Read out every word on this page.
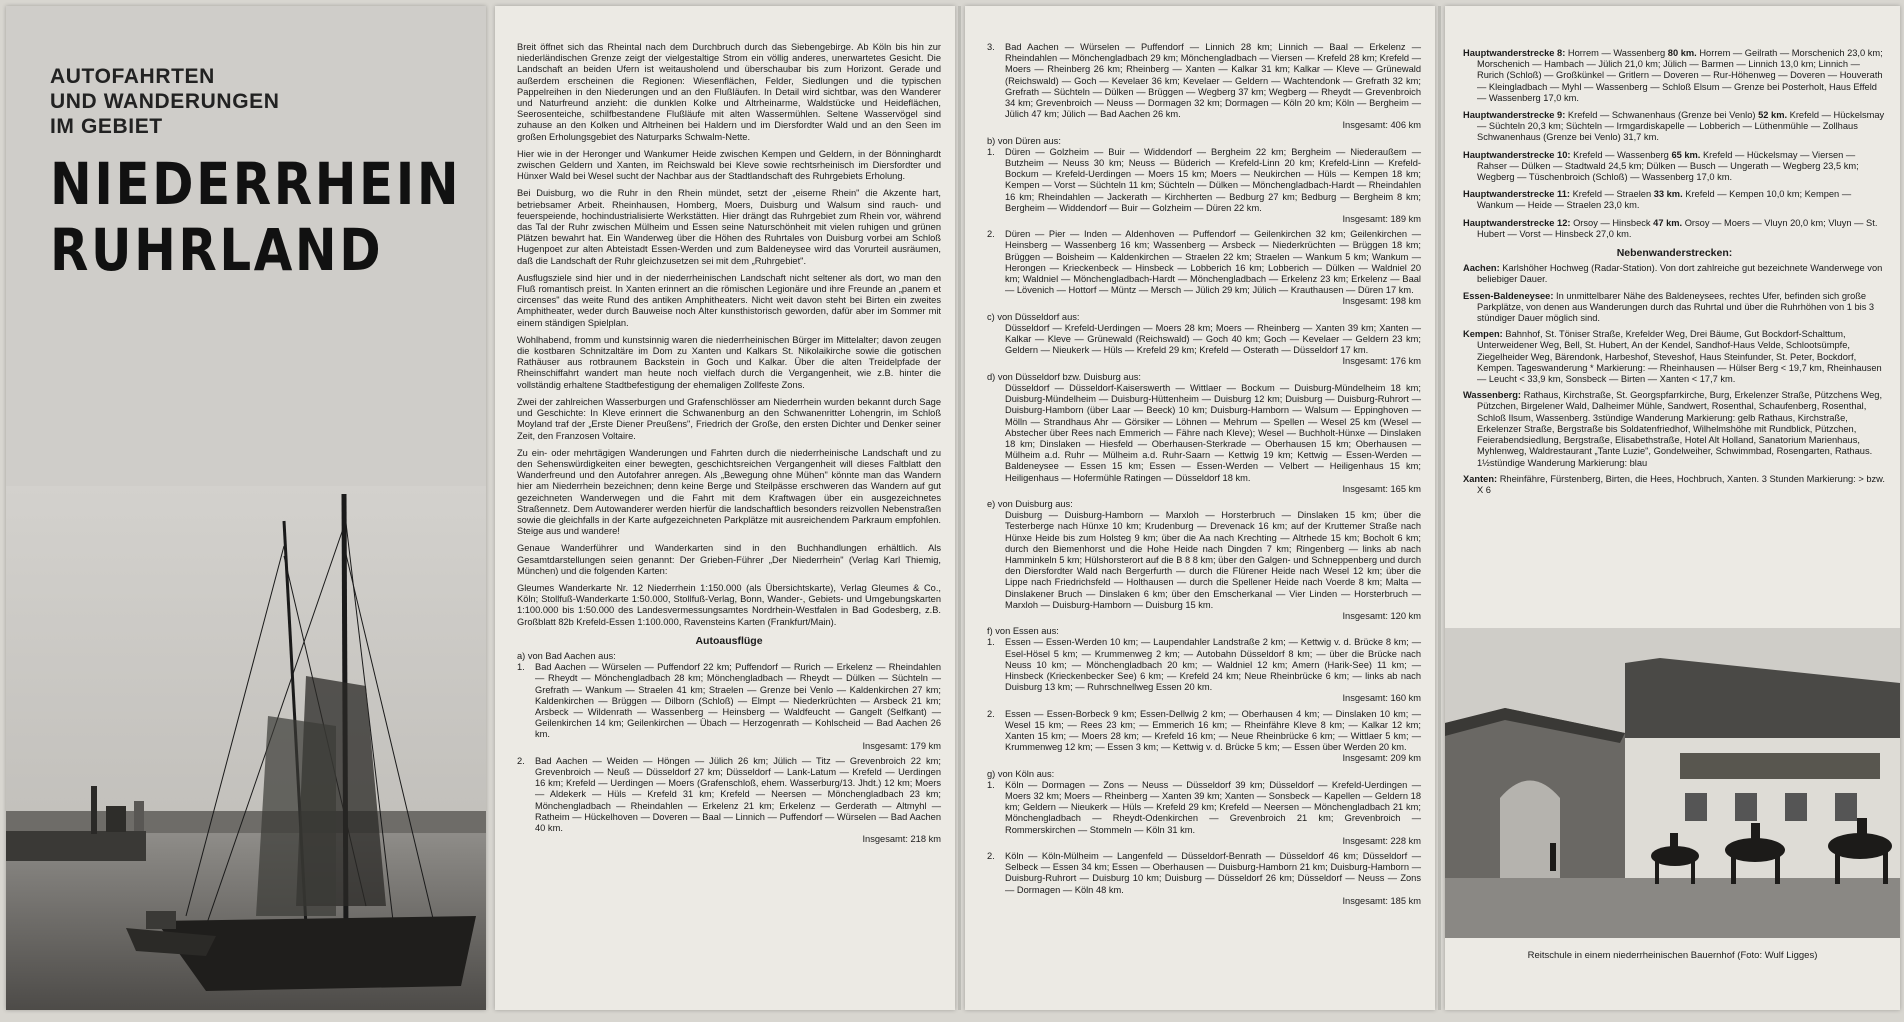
AUTOFAHRTEN
UND WANDERUNGEN
IM GEBIET
NIEDERRHEIN
RUHRLAND

Breit öffnet sich das Rheintal nach dem Durchbruch durch das Siebengebirge. Ab Köln bis hin zur niederländischen Grenze zeigt der vielgestaltige Strom ein völlig anderes, unerwartetes Gesicht. Die Landschaft an beiden Ufern ist weitausholend und überschaubar bis zum Horizont. Gerade und außerdem erscheinen die Regionen: Wiesenflächen, Felder, Siedlungen und die typischen Pappelreihen in den Niederungen und an den Flußläufen. In Detail wird sichtbar, was den Wanderer und Naturfreund anzieht: die dunklen Kolke und Altrheinarme, Waldstücke und Heideflächen, Seerosenteiche, schilfbestandene Flußläufe mit alten Wassermühlen. Seltene Wasservögel sind zuhause an den Kolken und Altrheinen bei Haldern und im Diersfordter Wald und an den Seen im großen Erholungsgebiet des Naturparks Schwalm-Nette.

Hier wie in der Heronger und Wankumer Heide zwischen Kempen und Geldern, in der Bönninghardt zwischen Geldern und Xanten, im Reichswald bei Kleve sowie rechtsrheinisch im Diersfordter und Hünxer Wald bei Wesel sucht der Nachbar aus der Stadtlandschaft des Ruhrgebiets Erholung.

Bei Duisburg, wo die Ruhr in den Rhein mündet, setzt der „eiserne Rhein" die Akzente hart, betriebsamer Arbeit. Rheinhausen, Homberg, Moers, Duisburg und Walsum sind rauch- und feuerspeiende, hochindustrialisierte Werkstätten. Hier drängt das Ruhrgebiet zum Rhein vor, während das Tal der Ruhr zwischen Mülheim und Essen seine Naturschönheit mit vielen ruhigen und grünen Plätzen bewahrt hat. Ein Wanderweg über die Höhen des Ruhrtales von Duisburg vorbei am Schloß Hugenpoet zur alten Abteistadt Essen-Werden und zum Baldeneysee wird das Vorurteil ausräumen, daß die Landschaft der Ruhr gleichzusetzen sei mit dem „Ruhrgebiet".

Ausflugsziele sind hier und in der niederrheinischen Landschaft nicht seltener als dort, wo man den Fluß romantisch preist. In Xanten erinnert an die römischen Legionäre und ihre Freunde an „panem et circenses" das weite Rund des antiken Amphitheaters. Nicht weit davon steht bei Birten ein zweites Amphitheater, weder durch Bauweise noch Alter kunsthistorisch geworden, dafür aber im Sommer mit einem ständigen Spielplan.

Wohlhabend, fromm und kunstsinnig waren die niederrheinischen Bürger im Mittelalter; davon zeugen die kostbaren Schnitzaltäre im Dom zu Xanten und Kalkars St. Nikolaikirche sowie die gotischen Rathäuser aus rotbraunem Backstein in Goch und Kalkar. Über die alten Treidelpfade der Rheinschiffahrt wandert man heute noch vielfach durch die Vergangenheit, wie z.B. hinter die vollständig erhaltene Stadtbefestigung der ehemaligen Zollfeste Zons.

Zwei der zahlreichen Wasserburgen und Grafenschlösser am Niederrhein wurden bekannt durch Sage und Geschichte: In Kleve erinnert die Schwanenburg an den Schwanenritter Lohengrin, im Schloß Moyland traf der „Erste Diener Preußens", Friedrich der Große, den ersten Dichter und Denker seiner Zeit, den Franzosen Voltaire.

Zu ein- oder mehrtägigen Wanderungen und Fahrten durch die niederrheinische Landschaft und zu den Sehenswürdigkeiten einer bewegten, geschichtsreichen Vergangenheit will dieses Faltblatt den Wanderfreund und den Autofahrer anregen. Als „Bewegung ohne Mühen" könnte man das Wandern hier am Niederrhein bezeichnen; denn keine Berge und Steilpässe erschweren das Wandern auf gut gezeichneten Wanderwegen und die Fahrt mit dem Kraftwagen über ein ausgezeichnetes Straßennetz. Dem Autowanderer werden hierfür die landschaftlich besonders reizvollen Nebenstraßen sowie die gleichfalls in der Karte aufgezeichneten Parkplätze mit ausreichendem Parkraum empfohlen. Steige aus und wandere!

Genaue Wanderführer und Wanderkarten sind in den Buchhandlungen erhältlich. Als Gesamtdarstellungen seien genannt: Der Grieben-Führer „Der Niederrhein" (Verlag Karl Thiemig, München) und die folgenden Karten:

Gleumes Wanderkarte Nr. 12 Niederrhein 1:150.000 (als Übersichtskarte), Verlag Gleumes & Co., Köln; Stollfuß-Wanderkarte 1:50.000, Stollfuß-Verlag, Bonn, Wander-, Gebiets- und Umgebungskarten 1:100.000 bis 1:50.000 des Landesvermessungsamtes Nordrhein-Westfalen in Bad Godesberg, z.B. Großblatt 82b Krefeld-Essen 1:100.000, Ravensteins Karten (Frankfurt/Main).

Autoausflüge
a) von Bad Aachen aus:
1.	Bad Aachen — Würselen — Puffendorf 22 km; Puffendorf — Rurich — Erkelenz — Rheindahlen — Rheydt — Mönchengladbach 28 km; Mönchengladbach — Rheydt — Dülken — Süchteln — Grefrath — Wankum — Straelen 41 km; Straelen — Grenze bei Venlo — Kaldenkirchen 27 km; Kaldenkirchen — Brüggen — Dilborn (Schloß) — Elmpt — Niederkrüchten — Arsbeck 21 km; Arsbeck — Wildenrath — Wassenberg — Heinsberg — Waldfeucht — Gangelt (Selfkant) — Geilenkirchen 14 km; Geilenkirchen — Übach — Herzogenrath — Kohlscheid — Bad Aachen 26 km.
Insgesamt: 179 km
2.	Bad Aachen — Weiden — Höngen — Jülich 26 km; Jülich — Titz — Grevenbroich 22 km; Grevenbroich — Neuß — Düsseldorf 27 km; Düsseldorf — Lank-Latum — Krefeld — Uerdingen 16 km; Krefeld — Uerdingen — Moers (Grafenschloß, ehem. Wasserburg/13. Jhdt.) 12 km; Moers — Aldekerk — Hüls — Krefeld 31 km; Krefeld — Neersen — Mönchengladbach 23 km; Mönchengladbach — Rheindahlen — Erkelenz 21 km; Erkelenz — Gerderath — Altmyhl — Ratheim — Hückelhoven — Doveren — Baal — Linnich — Puffendorf — Würselen — Bad Aachen 40 km.
Insgesamt: 218 km
3.	Bad Aachen — Würselen — Puffendorf — Linnich 28 km; Linnich — Baal — Erkelenz — Rheindahlen — Mönchengladbach 29 km; Mönchengladbach — Viersen — Krefeld 28 km; Krefeld — Moers — Rheinberg 26 km; Rheinberg — Xanten — Kalkar 31 km; Kalkar — Kleve — Grünewald (Reichswald) — Goch — Kevelaer 36 km; Kevelaer — Geldern — Wachtendonk — Grefrath 32 km; Grefrath — Süchteln — Dülken — Brüggen — Wegberg 37 km; Wegberg — Rheydt — Grevenbroich 34 km; Grevenbroich — Neuss — Dormagen 32 km; Dormagen — Köln 20 km; Köln — Bergheim — Jülich 47 km; Jülich — Bad Aachen 26 km.
Insgesamt: 406 km
b) von Düren aus:
1.	Düren — Golzheim — Buir — Widdendorf — Bergheim 22 km; Bergheim — Niederaußem — Butzheim — Neuss 30 km; Neuss — Büderich — Krefeld-Linn 20 km; Krefeld-Linn — Krefeld-Bockum — Krefeld-Uerdingen — Moers 15 km; Moers — Neukirchen — Hüls — Kempen 18 km; Kempen — Vorst — Süchteln 11 km; Süchteln — Dülken — Mönchengladbach-Hardt — Rheindahlen 16 km; Rheindahlen — Jackerath — Kirchherten — Bedburg 27 km; Bedburg — Bergheim 8 km; Bergheim — Widdendorf — Buir — Golzheim — Düren 22 km.
Insgesamt: 189 km
2.	Düren — Pier — Inden — Aldenhoven — Puffendorf — Geilenkirchen 32 km; Geilenkirchen — Heinsberg — Wassenberg 16 km; Wassenberg — Arsbeck — Niederkrüchten — Brüggen 18 km; Brüggen — Boisheim — Kaldenkirchen — Straelen 22 km; Straelen — Wankum 5 km; Wankum — Herongen — Krieckenbeck — Hinsbeck — Lobberich 16 km; Lobberich — Dülken — Waldniel 20 km; Waldniel — Mönchengladbach-Hardt — Mönchengladbach — Erkelenz 23 km; Erkelenz — Baal — Lövenich — Hottorf — Müntz — Mersch — Jülich 29 km; Jülich — Krauthausen — Düren 17 km.
Insgesamt: 198 km
c) von Düsseldorf aus:
Düsseldorf — Krefeld-Uerdingen — Moers 28 km; Moers — Rheinberg — Xanten 39 km; Xanten — Kalkar — Kleve — Grünewald (Reichswald) — Goch 40 km; Goch — Kevelaer — Geldern 23 km; Geldern — Nieukerk — Hüls — Krefeld 29 km; Krefeld — Osterath — Düsseldorf 17 km.
Insgesamt: 176 km
d) von Düsseldorf bzw. Duisburg aus:
Düsseldorf — Düsseldorf-Kaiserswerth — Wittlaer — Bockum — Duisburg-Mündelheim 18 km; Duisburg-Mündelheim — Duisburg-Hüttenheim — Duisburg 12 km; Duisburg — Duisburg-Ruhrort — Duisburg-Hamborn (über Laar — Beeck) 10 km; Duisburg-Hamborn — Walsum — Eppinghoven — Mölln — Strandhaus Ahr — Görsiker — Löhnen — Mehrum — Spellen — Wesel 25 km (Wesel — Abstecher über Rees nach Emmerich — Fähre nach Kleve); Wesel — Buchholt-Hünxe — Dinslaken 18 km; Dinslaken — Hiesfeld — Oberhausen-Sterkrade — Oberhausen 15 km; Oberhausen — Mülheim a.d. Ruhr — Mülheim a.d. Ruhr-Saarn — Kettwig 19 km; Kettwig — Essen-Werden — Baldeneysee — Essen 15 km; Essen — Essen-Werden — Velbert — Heiligenhaus 15 km; Heiligenhaus — Hofermühle Ratingen — Düsseldorf 18 km.
Insgesamt: 165 km
e) von Duisburg aus:
Duisburg — Duisburg-Hamborn — Marxloh — Horsterbruch — Dinslaken 15 km; über die Testerberge nach Hünxe 10 km; Krudenburg — Drevenack 16 km; auf der Kruttemer Straße nach Hünxe Heide bis zum Holsteg 9 km; über die Aa nach Krechting — Altrhede 15 km; Bocholt 6 km; durch den Biemenhorst und die Hohe Heide nach Dingden 7 km; Ringenberg — links ab nach Hamminkeln 5 km; Hülshorsterort auf die B 8 8 km; über den Galgen- und Schneppenberg und durch den Diersfordter Wald nach Bergerfurth — durch die Flürener Heide nach Wesel 12 km; über die Lippe nach Friedrichsfeld — Holthausen — durch die Spellener Heide nach Voerde 8 km; Malta — Dinslakener Bruch — Dinslaken 6 km; über den Emscherkanal — Vier Linden — Horsterbruch — Marxloh — Duisburg-Hamborn — Duisburg 15 km.
Insgesamt: 120 km
f) von Essen aus:
1.	Essen — Essen-Werden 10 km; — Laupendahler Landstraße 2 km; — Kettwig v. d. Brücke 8 km; — Esel-Hösel 5 km; — Krummenweg 2 km; — Autobahn Düsseldorf 8 km; — über die Brücke nach Neuss 10 km; — Mönchengladbach 20 km; — Waldniel 12 km; Amern (Harik-See) 11 km; — Hinsbeck (Krieckenbecker See) 6 km; — Krefeld 24 km; Neue Rheinbrücke 6 km; — links ab nach Duisburg 13 km; — Ruhrschnellweg Essen 20 km.
Insgesamt: 160 km
2.	Essen — Essen-Borbeck 9 km; Essen-Dellwig 2 km; — Oberhausen 4 km; — Dinslaken 10 km; — Wesel 15 km; — Rees 23 km; — Emmerich 16 km; — Rheinfähre Kleve 8 km; — Kalkar 12 km; Xanten 15 km; — Moers 28 km; — Krefeld 16 km; — Neue Rheinbrücke 6 km; — Wittlaer 5 km; — Krummenweg 12 km; — Essen 3 km; — Kettwig v. d. Brücke 5 km; — Essen über Werden 20 km.
Insgesamt: 209 km
g) von Köln aus:
1.	Köln — Dormagen — Zons — Neuss — Düsseldorf 39 km; Düsseldorf — Krefeld-Uerdingen — Moers 32 km; Moers — Rheinberg — Xanten 39 km; Xanten — Sonsbeck — Kapellen — Geldern 18 km; Geldern — Nieukerk — Hüls — Krefeld 29 km; Krefeld — Neersen — Mönchengladbach 21 km; Mönchengladbach — Rheydt-Odenkirchen — Grevenbroich 21 km; Grevenbroich — Rommerskirchen — Stommeln — Köln 31 km.
Insgesamt: 228 km
2.	Köln — Köln-Mülheim — Langenfeld — Düsseldorf-Benrath — Düsseldorf 46 km; Düsseldorf — Selbeck — Essen 34 km; Essen — Oberhausen — Duisburg-Hamborn 21 km; Duisburg-Hamborn — Duisburg-Ruhrort — Duisburg 10 km; Duisburg — Düsseldorf 26 km; Düsseldorf — Neuss — Zons — Dormagen — Köln 48 km.
Insgesamt: 185 km
Hauptwanderstrecke 8: Horrem — Wassenberg 80 km. Horrem — Geilrath — Morschenich 23,0 km; Morschenich — Hambach — Jülich 21,0 km; Jülich — Barmen — Linnich 13,0 km; Linnich — Rurich (Schloß) — Großkünkel — Gritlern — Doveren — Rur-Höhenweg — Doveren — Houverath — Kleingladbach — Myhl — Wassenberg — Schloß Elsum — Grenze bei Posterholt, Haus Effeld — Wassenberg 17,0 km.
Hauptwanderstrecke 9: Krefeld — Schwanenhaus (Grenze bei Venlo) 52 km. Krefeld — Hückelsmay — Süchteln 20,3 km; Süchteln — Irmgardiskapelle — Lobberich — Lüthenmühle — Zollhaus Schwanenhaus (Grenze bei Venlo) 31,7 km.
Hauptwanderstrecke 10: Krefeld — Wassenberg 65 km. Krefeld — Hückelsmay — Viersen — Rahser — Dülken — Stadtwald 24,5 km; Dülken — Busch — Ungerath — Wegberg 23,5 km; Wegberg — Tüschenbroich (Schloß) — Wassenberg 17,0 km.
Hauptwanderstrecke 11: Krefeld — Straelen 33 km. Krefeld — Kempen 10,0 km; Kempen — Wankum — Heide — Straelen 23,0 km.
Hauptwanderstrecke 12: Orsoy — Hinsbeck 47 km. Orsoy — Moers — Vluyn 20,0 km; Vluyn — St. Hubert — Vorst — Hinsbeck 27,0 km.
Nebenwanderstrecken:
Aachen: Karlshöher Hochweg (Radar-Station). Von dort zahlreiche gut bezeichnete Wanderwege von beliebiger Dauer.
Essen-Baldeneysee: In unmittelbarer Nähe des Baldeneysees, rechtes Ufer, befinden sich große Parkplätze, von denen aus Wanderungen durch das Ruhrtal und über die Ruhrhöhen von 1 bis 3 stündiger Dauer möglich sind.
Kempen: Bahnhof, St. Töniser Straße, Krefelder Weg, Drei Bäume, Gut Bockdorf-Schalttum, Unterweidener Weg, Bell, St. Hubert, An der Kendel, Sandhof-Haus Velde, Schlootsümpfe, Ziegelheider Weg, Bärendonk, Harbeshof, Steveshof, Haus Steinfunder, St. Peter, Bockdorf, Kempen. Tageswanderung * Markierung: — Rheinhausen — Hülser Berg < 19,7 km, Rheinhausen — Leucht < 33,9 km, Sonsbeck — Birten — Xanten < 17,7 km.
Wassenberg: Rathaus, Kirchstraße, St. Georgspfarrkirche, Burg, Erkelenzer Straße, Pützchens Weg, Pützchen, Birgelener Wald, Dalheimer Mühle, Sandwert, Rosenthal, Schaufenberg, Rosenthal, Schloß Ilsum, Wassenberg. 3stündige Wanderung Markierung: gelb Rathaus, Kirchstraße, Erkelenzer Straße, Bergstraße bis Soldatenfriedhof, Wilhelmshöhe mit Rundblick, Pützchen, Feierabendsiedlung, Bergstraße, Elisabethstraße, Hotel Alt Holland, Sanatorium Marienhaus, Myhlenweg, Waldrestaurant „Tante Luzie", Gondelweiher, Schwimmbad, Rosengarten, Rathaus. 1½stündige Wanderung Markierung: blau
Xanten: Rheinfähre, Fürstenberg, Birten, die Hees, Hochbruch, Xanten. 3 Stunden Markierung: > bzw. X 6
Reitschule in einem niederrheinischen Bauernhof (Foto: Wulf Ligges)
